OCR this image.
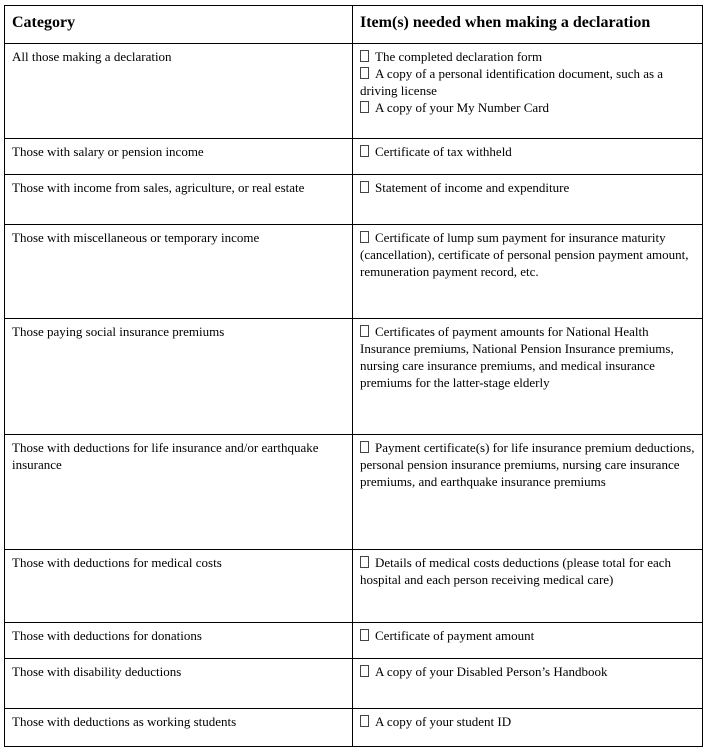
Category	Item(s) needed when making a declaration
All those making a declaration	The completed declaration form
A copy of a personal identification document, such as a driving license
A copy of your My Number Card

Those with salary or pension income	Certificate of tax withheld

Those with income from sales, agriculture, or real estate	Statement of income and expenditure

Those with miscellaneous or temporary income	Certificate of lump sum payment for insurance maturity (cancellation), certificate of personal pension payment amount, remuneration payment record, etc.

Those paying social insurance premiums	Certificates of payment amounts for National Health Insurance premiums, National Pension Insurance premiums, nursing care insurance premiums, and medical insurance premiums for the latter-stage elderly

Those with deductions for life insurance and/or earthquake insurance	Payment certificate(s) for life insurance premium deductions, personal pension insurance premiums, nursing care insurance premiums, and earthquake insurance premiums

Those with deductions for medical costs	Details of medical costs deductions (please total for each hospital and each person receiving medical care)

Those with deductions for donations	Certificate of payment amount

Those with disability deductions	A copy of your Disabled Person’s Handbook

Those with deductions as working students	A copy of your student ID
